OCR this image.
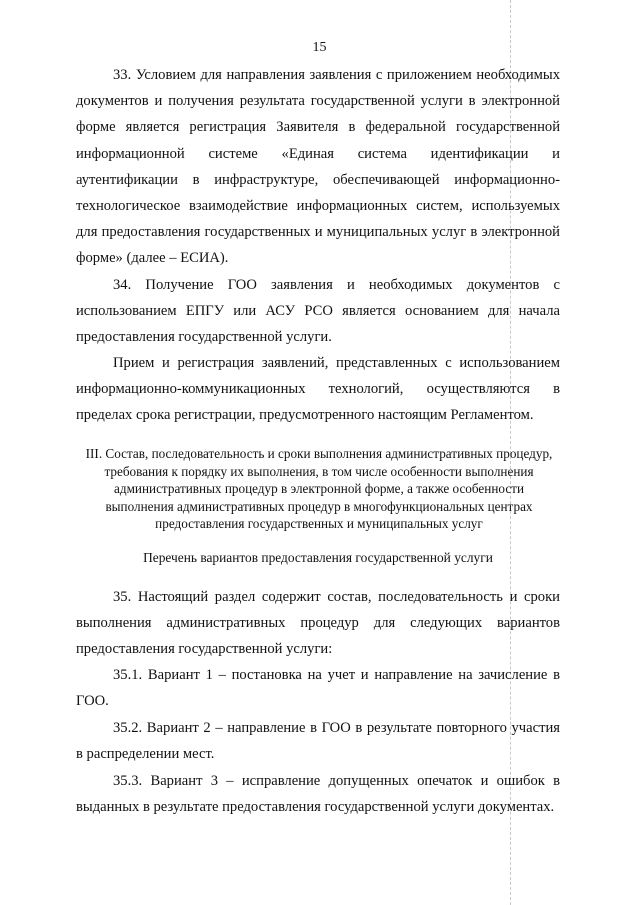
15

33. Условием для направления заявления с приложением необходимых документов и получения результата государственной услуги в электронной форме является регистрация Заявителя в федеральной государственной информационной системе «Единая система идентификации и аутентификации в инфраструктуре, обеспечивающей информационно-технологическое взаимодействие информационных систем, используемых для предоставления государственных и муниципальных услуг в электронной форме» (далее – ЕСИА).

34. Получение ГОО заявления и необходимых документов с использованием ЕПГУ или АСУ РСО является основанием для начала предоставления государственной услуги.

Прием и регистрация заявлений, представленных с использованием информационно-коммуникационных технологий, осуществляются в пределах срока регистрации, предусмотренного настоящим Регламентом.

III. Состав, последовательность и сроки выполнения административных процедур, требования к порядку их выполнения, в том числе особенности выполнения административных процедур в электронной форме, а также особенности выполнения административных процедур в многофункциональных центрах предоставления государственных и муниципальных услуг
Перечень вариантов предоставления государственной услуги

35. Настоящий раздел содержит состав, последовательность и сроки выполнения административных процедур для следующих вариантов предоставления государственной услуги:

35.1. Вариант 1 – постановка на учет и направление на зачисление в ГОО.

35.2. Вариант 2 – направление в ГОО в результате повторного участия в распределении мест.

35.3. Вариант 3 – исправление допущенных опечаток и ошибок в выданных в результате предоставления государственной услуги документах.
